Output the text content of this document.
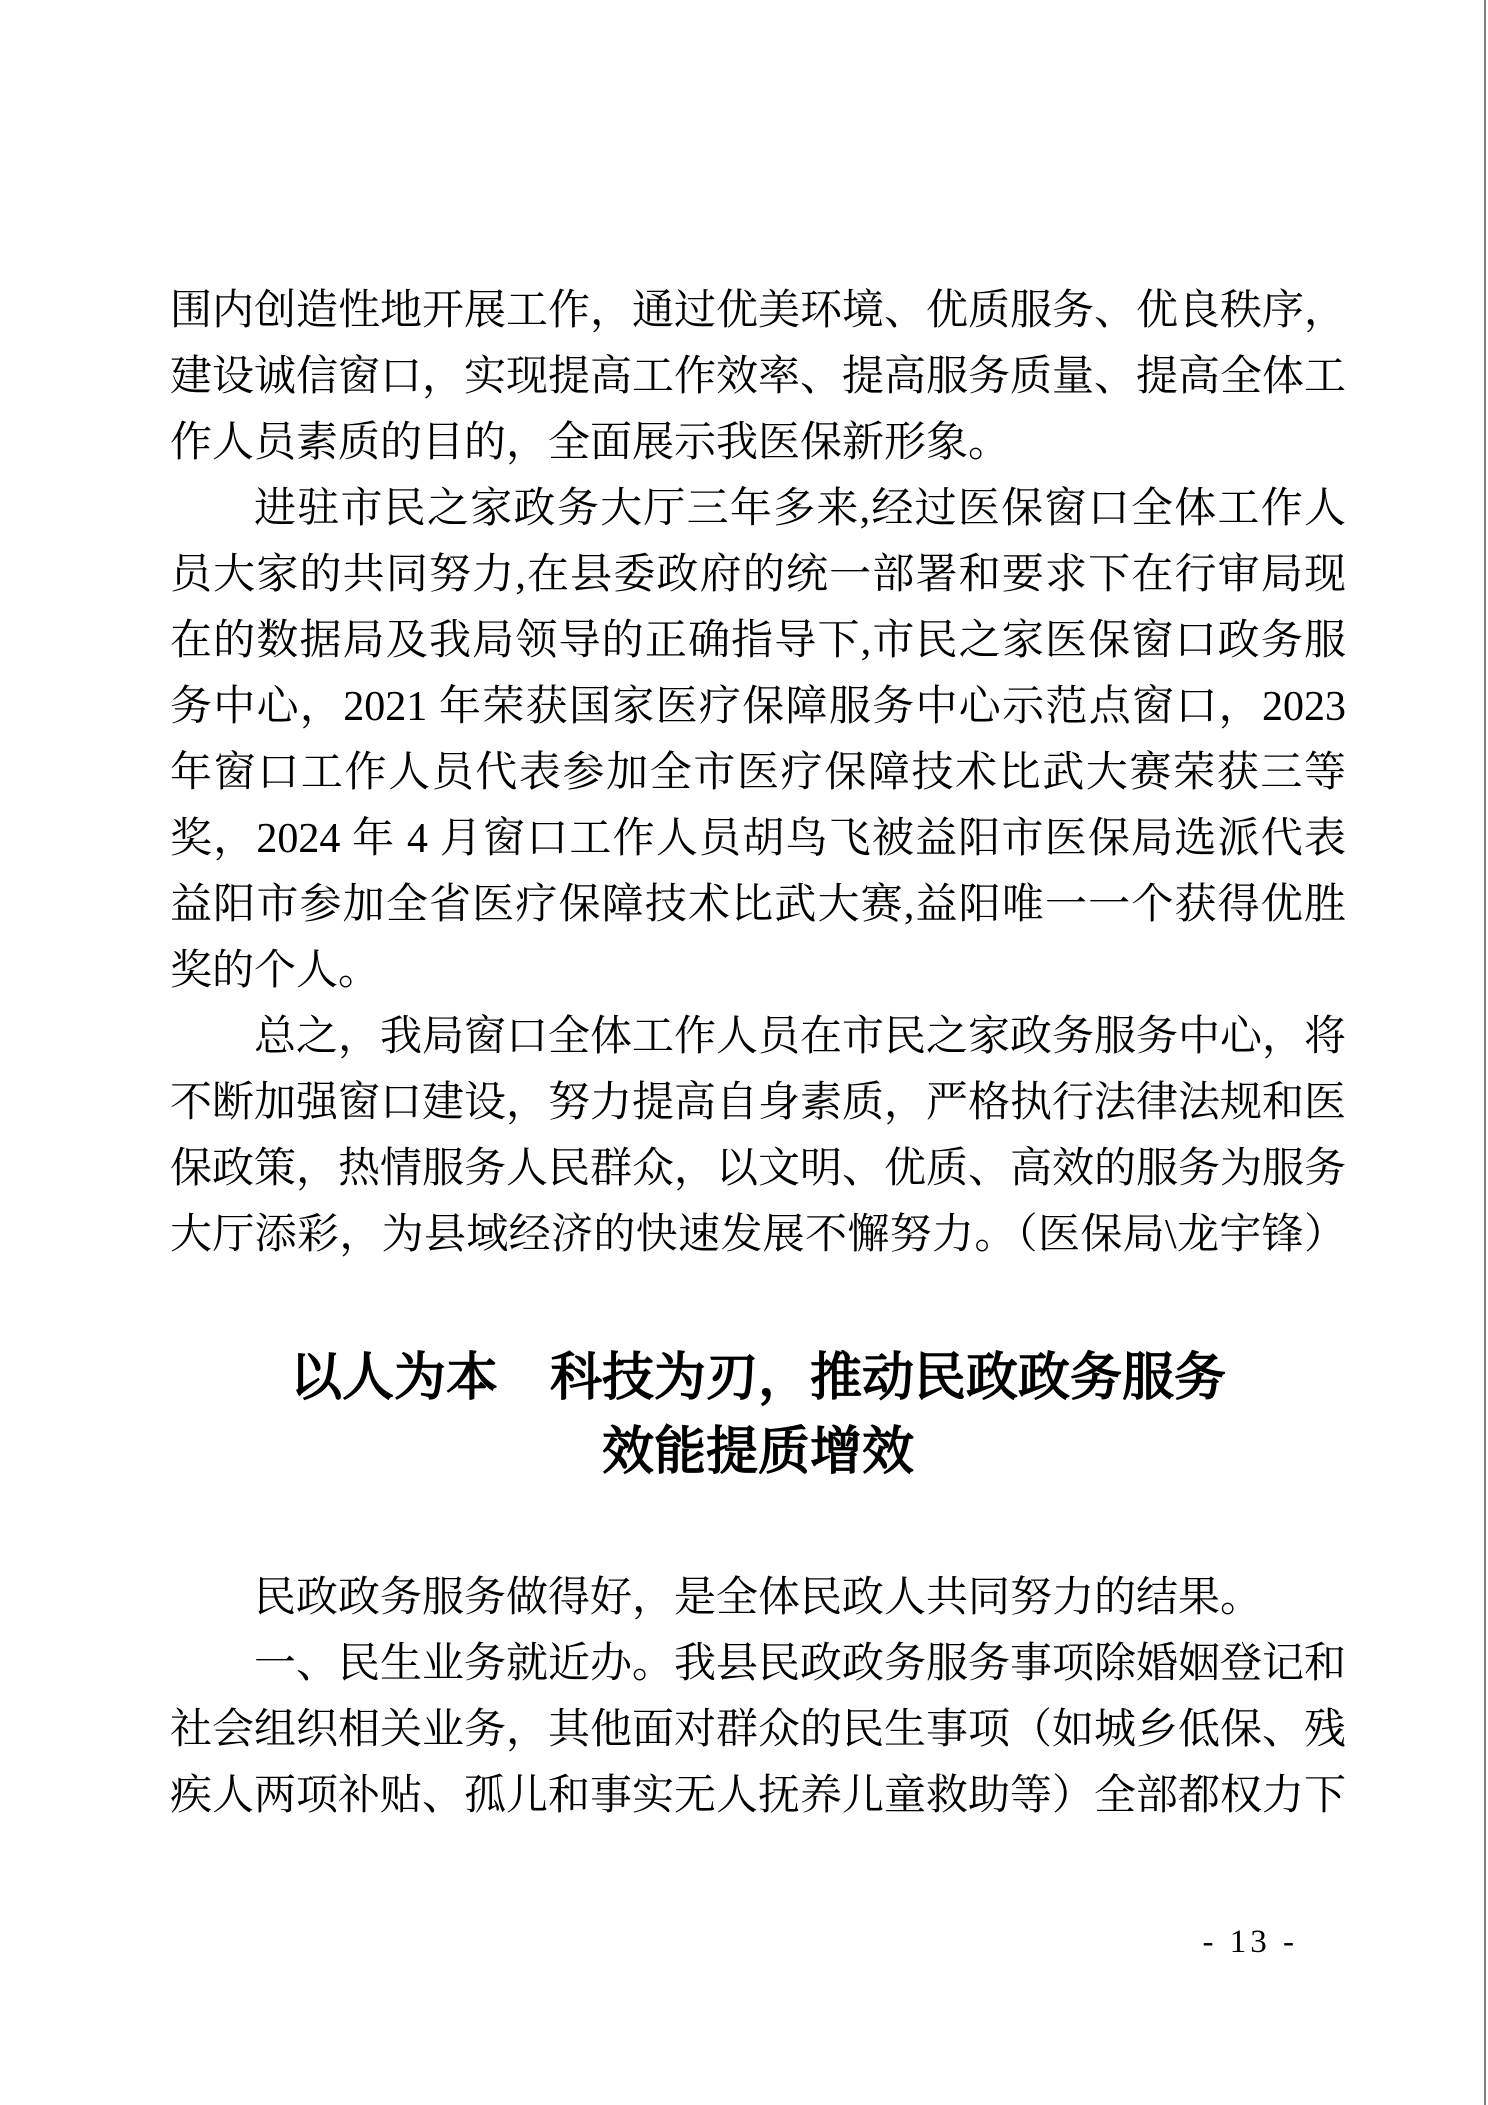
围内创造性地开展工作，通过优美环境、优质服务、优良秩序，
建设诚信窗口，实现提高工作效率、提高服务质量、提高全体工
作人员素质的目的，全面展示我医保新形象。
进驻市民之家政务大厅三年多来,经过医保窗口全体工作人
员大家的共同努力,在县委政府的统一部署和要求下在行审局现
在的数据局及我局领导的正确指导下,市民之家医保窗口政务服
务中心，2021 年荣获国家医疗保障服务中心示范点窗口，2023
年窗口工作人员代表参加全市医疗保障技术比武大赛荣获三等
奖，2024 年 4 月窗口工作人员胡鸟飞被益阳市医保局选派代表
益阳市参加全省医疗保障技术比武大赛,益阳唯一一个获得优胜
奖的个人。
总之，我局窗口全体工作人员在市民之家政务服务中心，将
不断加强窗口建设，努力提高自身素质，严格执行法律法规和医
保政策，热情服务人民群众，以文明、优质、高效的服务为服务
大厅添彩，为县域经济的快速发展不懈努力。（医保局\龙宇锋）
以人为本　科技为刃，推动民政政务服务
效能提质增效
民政政务服务做得好，是全体民政人共同努力的结果。
一、民生业务就近办。我县民政政务服务事项除婚姻登记和
社会组织相关业务，其他面对群众的民生事项（如城乡低保、残
疾人两项补贴、孤儿和事实无人抚养儿童救助等）全部都权力下
- 13 -
